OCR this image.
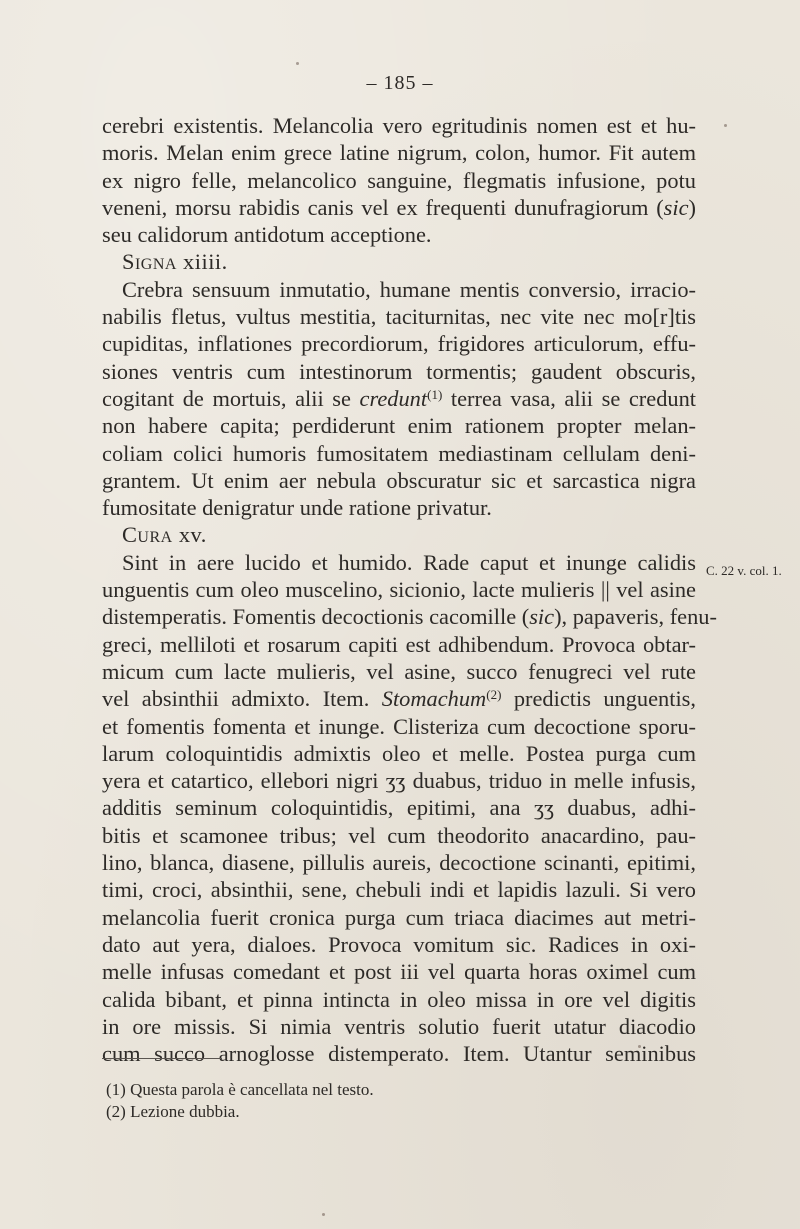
– 185 –
cerebri existentis. Melancolia vero egritudinis nomen est et hu-
moris. Melan enim grece latine nigrum, colon, humor. Fit autem
ex nigro felle, melancolico sanguine, flegmatis infusione, potu
veneni, morsu rabidis canis vel ex frequenti dunufragiorum (sic)
seu calidorum antidotum acceptione.
Signa xiiii.
Crebra sensuum inmutatio, humane mentis conversio, irracio-
nabilis fletus, vultus mestitia, taciturnitas, nec vite nec mo[r]tis
cupiditas, inflationes precordiorum, frigidores articulorum, effu-
siones ventris cum intestinorum tormentis; gaudent obscuris,
cogitant de mortuis, alii se credunt$^{(1)}$ terrea vasa, alii se credunt
non habere capita; perdiderunt enim rationem propter melan-
coliam colici humoris fumositatem mediastinam cellulam deni-
grantem. Ut enim aer nebula obscuratur sic et sarcastica nigra
fumositate denigratur unde ratione privatur.
Cura xv.
Sint in aere lucido et humido. Rade caput et inunge calidis
unguentis cum oleo muscelino, sicionio, lacte mulieris || vel asine
distemperatis. Fomentis decoctionis cacomille (sic), papaveris, fenu-
greci, melliloti et rosarum capiti est adhibendum. Provoca obtar-
micum cum lacte mulieris, vel asine, succo fenugreci vel rute
vel absinthii admixto. Item. Stomachum$^{(2)}$ predictis unguentis,
et fomentis fomenta et inunge. Clisteriza cum decoctione sporu-
larum coloquintidis admixtis oleo et melle. Postea purga cum
yera et catartico, ellebori nigri ʒʒ duabus, triduo in melle infusis,
additis seminum coloquintidis, epitimi, ana ʒʒ duabus, adhi-
bitis et scamonee tribus; vel cum theodorito anacardino, pau-
lino, blanca, diasene, pillulis aureis, decoctione scinanti, epitimi,
timi, croci, absinthii, sene, chebuli indi et lapidis lazuli. Si vero
melancolia fuerit cronica purga cum triaca diacimes aut metri-
dato aut yera, dialoes. Provoca vomitum sic. Radices in oxi-
melle infusas comedant et post iii vel quarta horas oximel cum
calida bibant, et pinna intincta in oleo missa in ore vel digitis
in ore missis. Si nimia ventris solutio fuerit utatur diacodio
cum succo arnoglosse distemperato. Item. Utantur seminibus
C. 22 v. col. 1.
(1) Questa parola è cancellata nel testo.
(2) Lezione dubbia.
